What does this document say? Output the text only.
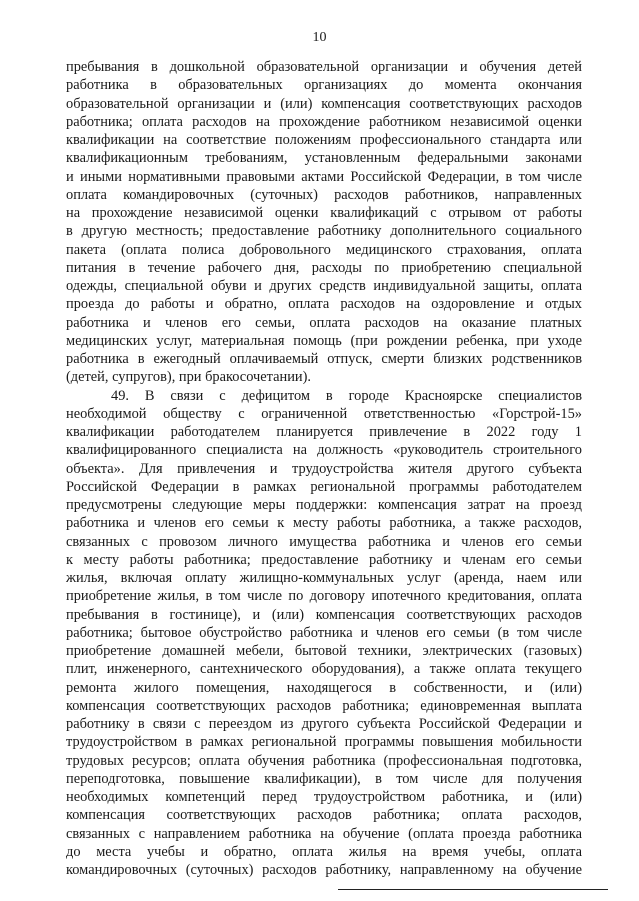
10
пребывания в дошкольной образовательной организации и обучения детей
работника в образовательных организациях до момента окончания
образовательной организации и (или) компенсация соответствующих расходов
работника; оплата расходов на прохождение работником независимой оценки
квалификации на соответствие положениям профессионального стандарта или
квалификационным требованиям, установленным федеральными законами
и иными нормативными правовыми актами Российской Федерации, в том числе
оплата командировочных (суточных) расходов работников, направленных
на прохождение независимой оценки квалификаций с отрывом от работы
в другую местность; предоставление работнику дополнительного социального
пакета (оплата полиса добровольного медицинского страхования, оплата
питания в течение рабочего дня, расходы по приобретению специальной
одежды, специальной обуви и других средств индивидуальной защиты, оплата
проезда до работы и обратно, оплата расходов на оздоровление и отдых
работника и членов его семьи, оплата расходов на оказание платных
медицинских услуг, материальная помощь (при рождении ребенка, при уходе
работника в ежегодный оплачиваемый отпуск, смерти близких родственников
(детей, супругов), при бракосочетании).
49. В связи с дефицитом в городе Красноярске специалистов
необходимой обществу с ограниченной ответственностью «Горстрой-15»
квалификации работодателем планируется привлечение в 2022 году 1
квалифицированного специалиста на должность «руководитель строительного
объекта». Для привлечения и трудоустройства жителя другого субъекта
Российской Федерации в рамках региональной программы работодателем
предусмотрены следующие меры поддержки: компенсация затрат на проезд
работника и членов его семьи к месту работы работника, а также расходов,
связанных с провозом личного имущества работника и членов его семьи
к месту работы работника; предоставление работнику и членам его семьи
жилья, включая оплату жилищно-коммунальных услуг (аренда, наем или
приобретение жилья, в том числе по договору ипотечного кредитования, оплата
пребывания в гостинице), и (или) компенсация соответствующих расходов
работника; бытовое обустройство работника и членов его семьи (в том числе
приобретение домашней мебели, бытовой техники, электрических (газовых)
плит, инженерного, сантехнического оборудования), а также оплата текущего
ремонта жилого помещения, находящегося в собственности, и (или)
компенсация соответствующих расходов работника; единовременная выплата
работнику в связи с переездом из другого субъекта Российской Федерации и
трудоустройством в рамках региональной программы повышения мобильности
трудовых ресурсов; оплата обучения работника (профессиональная подготовка,
переподготовка, повышение квалификации), в том числе для получения
необходимых компетенций перед трудоустройством работника, и (или)
компенсация соответствующих расходов работника; оплата расходов,
связанных с направлением работника на обучение (оплата проезда работника
до места учебы и обратно, оплата жилья на время учебы, оплата
командировочных (суточных) расходов работнику, направленному на обучение
